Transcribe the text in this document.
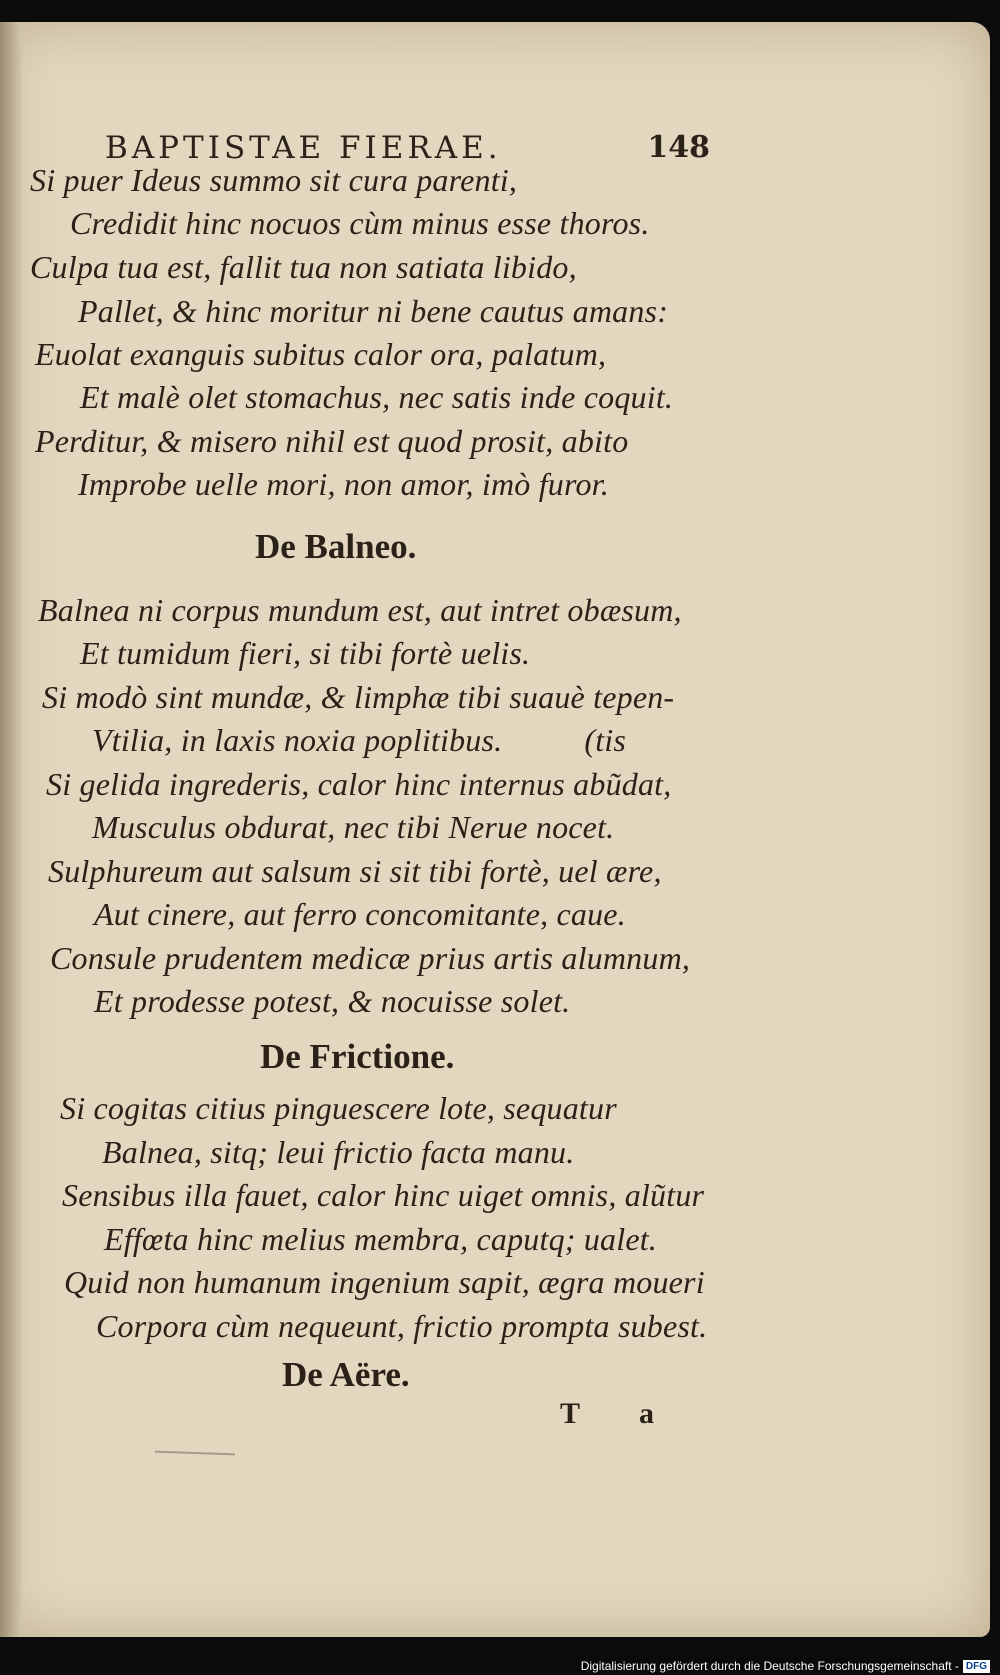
BAPTISTAE FIERAE.	148

Si puer Ideus summo sit cura parenti,

Credidit hinc nocuos cùm minus esse thoros.

Culpa tua est, fallit tua non satiata libido,

Pallet, & hinc moritur ni bene cautus amans:

Euolat exanguis subitus calor ora, palatum,

Et malè olet stomachus, nec satis inde coquit.

Perditur, & misero nihil est quod prosit, abito

Improbe uelle mori, non amor, imò furor.

De Balneo.

Balnea ni corpus mundum est, aut intret obæsum,

Et tumidum fieri, si tibi fortè uelis.

Si modò sint mundæ, & limphæ tibi suauè tepen-

Vtilia, in laxis noxia poplitibus.          (tis

Si gelida ingrederis, calor hinc internus abũdat,

Musculus obdurat, nec tibi Nerue nocet.

Sulphureum aut salsum si sit tibi fortè, uel ære,

Aut cinere, aut ferro concomitante, caue.

Consule prudentem medicæ prius artis alumnum,

Et prodesse potest, & nocuisse solet.

De Frictione.

Si cogitas citius pinguescere lote, sequatur

Balnea, sitq; leui frictio facta manu.

Sensibus illa fauet, calor hinc uiget omnis, alũtur

Effœta hinc melius membra, caputq; ualet.

Quid non humanum ingenium sapit, ægra moueri

Corpora cùm nequeunt, frictio prompta subest.

De Aëre.
T a
Digitalisierung gefördert durch die Deutsche Forschungsgemeinschaft - DFG
